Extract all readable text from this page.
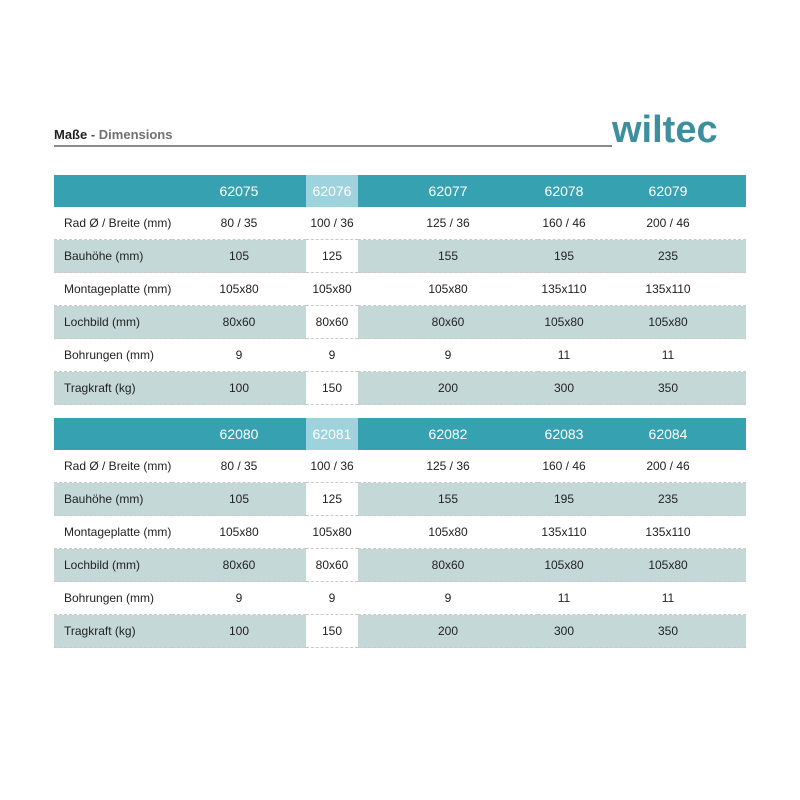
Maße - Dimensions	wiltec
	62075	62076	62077	62078	62079
Rad Ø / Breite (mm)	80 / 35	100 / 36	125 / 36	160 / 46	200 / 46
Bauhöhe (mm)	105	125	155	195	235
Montageplatte (mm)	105x80	105x80	105x80	135x110	135x110
Lochbild (mm)	80x60	80x60	80x60	105x80	105x80
Bohrungen (mm)	9	9	9	11	11
Tragkraft (kg)	100	150	200	300	350
	62080	62081	62082	62083	62084
Rad Ø / Breite (mm)	80 / 35	100 / 36	125 / 36	160 / 46	200 / 46
Bauhöhe (mm)	105	125	155	195	235
Montageplatte (mm)	105x80	105x80	105x80	135x110	135x110
Lochbild (mm)	80x60	80x60	80x60	105x80	105x80
Bohrungen (mm)	9	9	9	11	11
Tragkraft (kg)	100	150	200	300	350
